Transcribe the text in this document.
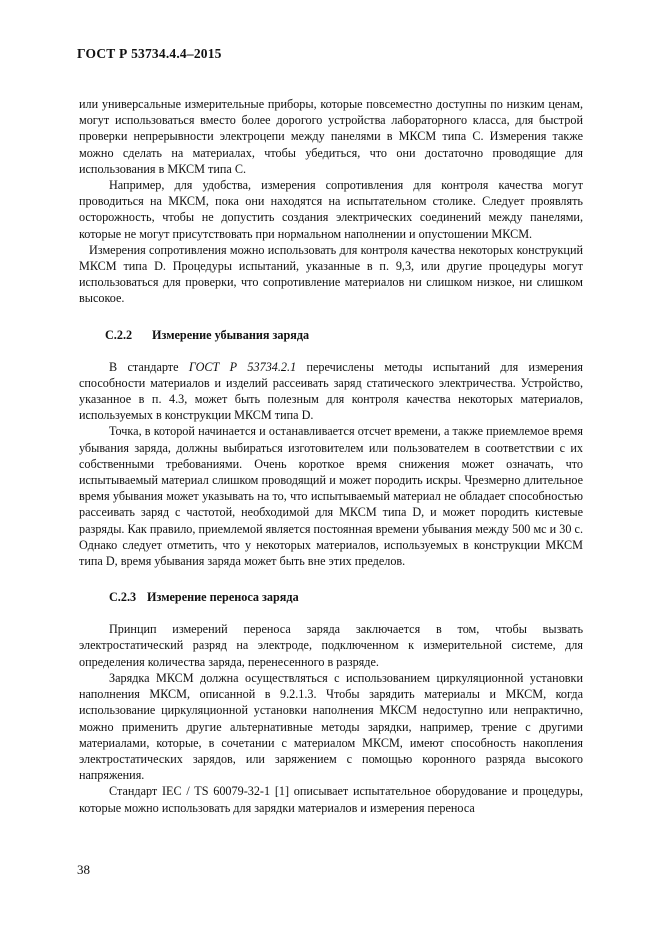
ГОСТ Р 53734.4.4–2015

или универсальные измерительные приборы, которые повсеместно доступны по низким ценам, могут использоваться вместо более дорогого устройства лабораторного класса, для быстрой проверки непрерывности электроцепи между панелями в МКСМ типа С. Измерения также можно сделать на материалах, чтобы убедиться, что они достаточно проводящие для использования в МКСМ типа С.

Например, для удобства, измерения сопротивления для контроля качества могут проводиться на МКСМ, пока они находятся на испытательном столике. Следует проявлять осторожность, чтобы не допустить создания электрических соединений между панелями, которые не могут присутствовать при нормальном наполнении и опустошении МКСМ.

Измерения сопротивления можно использовать для контроля качества некоторых конструкций МКСМ типа D. Процедуры испытаний, указанные в п. 9,3, или другие процедуры могут использоваться для проверки, что сопротивление материалов ни слишком низкое, ни слишком высокое.

С.2.2 Измерение убывания заряда

В стандарте ГОСТ Р 53734.2.1 перечислены методы испытаний для измерения способности материалов и изделий рассеивать заряд статического электричества. Устройство, указанное в п. 4.3, может быть полезным для контроля качества некоторых материалов, используемых в конструкции МКСМ типа D.

Точка, в которой начинается и останавливается отсчет времени, а также приемлемое время убывания заряда, должны выбираться изготовителем или пользователем в соответствии с их собственными требованиями. Очень короткое время снижения может означать, что испытываемый материал слишком проводящий и может породить искры. Чрезмерно длительное время убывания может указывать на то, что испытываемый материал не обладает способностью рассеивать заряд с частотой, необходимой для МКСМ типа D, и может породить кистевые разряды. Как правило, приемлемой является постоянная времени убывания между 500 мс и 30 с. Однако следует отметить, что у некоторых материалов, используемых в конструкции МКСМ типа D, время убывания заряда может быть вне этих пределов.

С.2.3 Измерение переноса заряда

Принцип измерений переноса заряда заключается в том, чтобы вызвать электростатический разряд на электроде, подключенном к измерительной системе, для определения количества заряда, перенесенного в разряде.

Зарядка МКСМ должна осуществляться с использованием циркуляционной установки наполнения МКСМ, описанной в 9.2.1.3. Чтобы зарядить материалы и МКСМ, когда использование циркуляционной установки наполнения МКСМ недоступно или непрактично, можно применить другие альтернативные методы зарядки, например, трение с другими материалами, которые, в сочетании с материалом МКСМ, имеют способность накопления электростатических зарядов, или заряжением с помощью коронного разряда высокого напряжения.

Стандарт IEC / TS 60079-32-1 [1] описывает испытательное оборудование и процедуры, которые можно использовать для зарядки материалов и измерения переноса

38
